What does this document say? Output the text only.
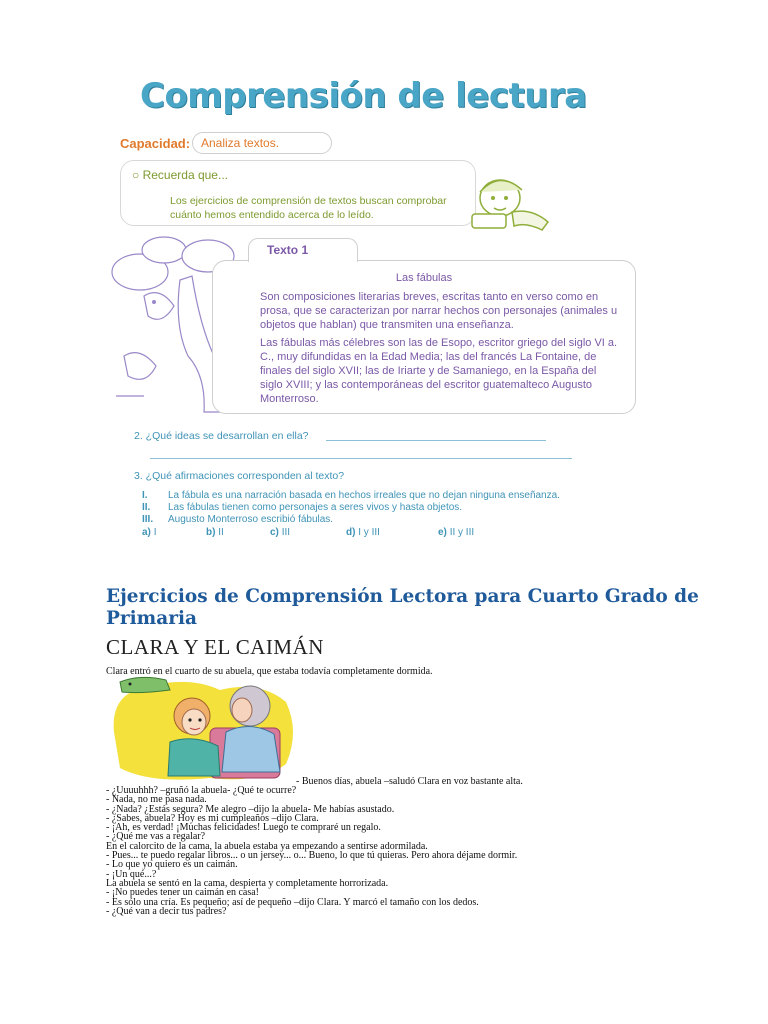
Comprensión de lectura
Capacidad: Analiza textos.
○ Recuerda que...
Los ejercicios de comprensión de textos buscan comprobar cuánto hemos entendido acerca de lo leído.
Texto 1
Las fábulas
Son composiciones literarias breves, escritas tanto en verso como en prosa, que se caracterizan por narrar hechos con personajes (animales u objetos que hablan) que transmiten una enseñanza.
Las fábulas más célebres son las de Esopo, escritor griego del siglo VI a. C., muy difundidas en la Edad Media; las del francés La Fontaine, de finales del siglo XVII; las de Iriarte y de Samaniego, en la España del siglo XVIII; y las contemporáneas del escritor guatemalteco Augusto Monterroso.
2. ¿Qué ideas se desarrollan en ella?
3. ¿Qué afirmaciones corresponden al texto?
I. La fábula es una narración basada en hechos irreales que no dejan ninguna enseñanza.
II. Las fábulas tienen como personajes a seres vivos y hasta objetos.
III. Augusto Monterroso escribió fábulas.
a) I	b) II	c) III	d) I y III	e) II y III
Ejercicios de Comprensión Lectora para Cuarto Grado de Primaria
CLARA Y EL CAIMÁN
Clara entró en el cuarto de su abuela, que estaba todavía completamente dormida.
- Buenos días, abuela –saludó Clara en voz bastante alta.
- ¿Uuuuhhh? –gruñó la abuela- ¿Qué te ocurre?
- Nada, no me pasa nada.
- ¿Nada? ¿Estás segura? Me alegro –dijo la abuela- Me habías asustado.
- ¿Sabes, abuela? Hoy es mi cumpleaños –dijo Clara.
- ¡Ah, es verdad! ¡Muchas felicidades! Luego te compraré un regalo.
- ¿Qué me vas a regalar?
En el calorcito de la cama, la abuela estaba ya empezando a sentirse adormilada.
- Pues... te puedo regalar libros... o un jersey... o... Bueno, lo que tú quieras. Pero ahora déjame dormir.
- Lo que yo quiero es un caimán.
- ¡Un qué...?
La abuela se sentó en la cama, despierta y completamente horrorizada.
- ¡No puedes tener un caimán en casa!
- Es sólo una cría. Es pequeño; así de pequeño –dijo Clara. Y marcó el tamaño con los dedos.
- ¿Qué van a decir tus padres?
